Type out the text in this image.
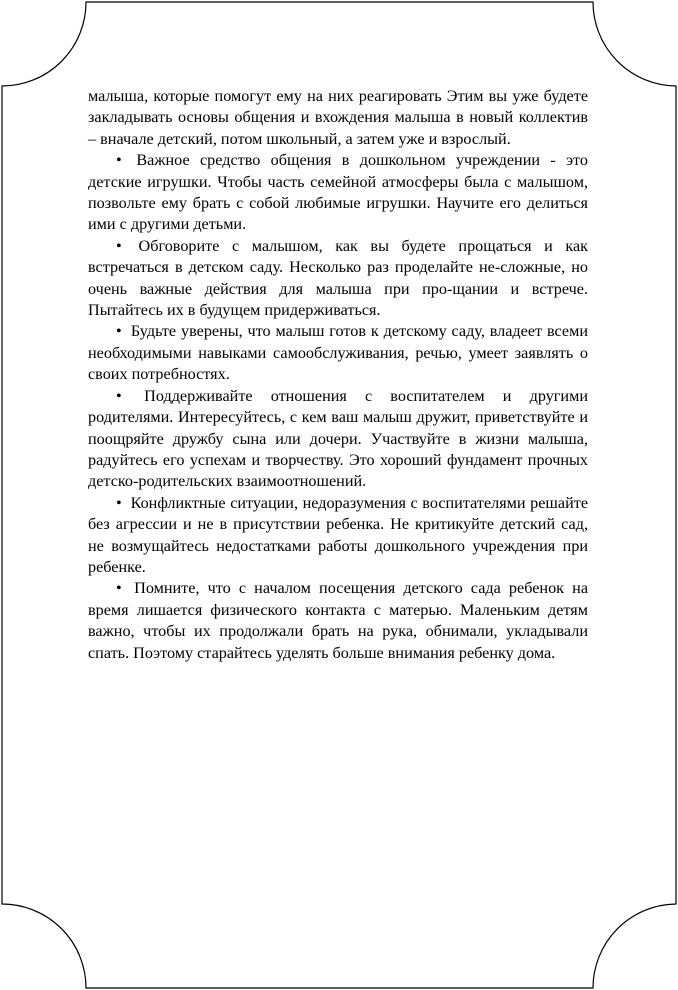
малыша, которые помогут ему на них реагировать Этим вы уже будете закладывать основы общения и вхождения малыша в новый коллектив – вначале детский, потом школьный, а затем уже и взрослый.

• Важное средство общения в дошкольном учреждении - это детские игрушки. Чтобы часть семейной атмосферы была с малышом, позвольте ему брать с собой любимые игрушки. Научите его делиться ими с другими детьми.

• Обговорите с малышом, как вы будете прощаться и как встречаться в детском саду. Несколько раз проделайте не-сложные, но очень важные действия для малыша при про-щании и встрече. Пытайтесь их в будущем придерживаться.

• Будьте уверены, что малыш готов к детскому саду, владеет всеми необходимыми навыками самообслуживания, речью, умеет заявлять о своих потребностях.

• Поддерживайте отношения с воспитателем и другими родителями. Интересуйтесь, с кем ваш малыш дружит, приветствуйте и поощряйте дружбу сына или дочери. Участвуйте в жизни малыша, радуйтесь его успехам и творчеству. Это хороший фундамент прочных детско-родительских взаимоотношений.

• Конфликтные ситуации, недоразумения с воспитателями решайте без агрессии и не в присутствии ребенка. Не критикуйте детский сад, не возмущайтесь недостатками работы дошкольного учреждения при ребенке.

• Помните, что с началом посещения детского сада ребенок на время лишается физического контакта с матерью. Маленьким детям важно, чтобы их продолжали брать на рука, обнимали, укладывали спать. Поэтому старайтесь уделять больше внимания ребенку дома.
